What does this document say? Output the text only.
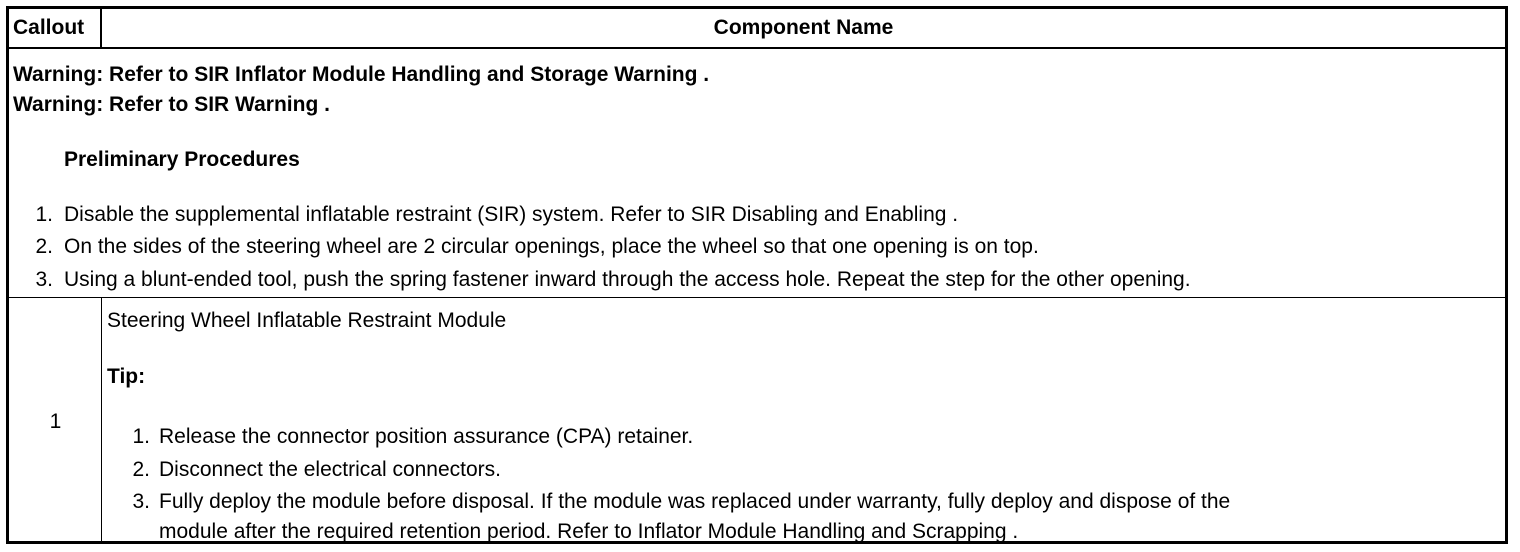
Callout	Component Name
Warning: Refer to SIR Inflator Module Handling and Storage Warning .
Warning: Refer to SIR Warning .
Preliminary Procedures
1. Disable the supplemental inflatable restraint (SIR) system. Refer to SIR Disabling and Enabling .
2. On the sides of the steering wheel are 2 circular openings, place the wheel so that one opening is on top.
3. Using a blunt-ended tool, push the spring fastener inward through the access hole. Repeat the step for the other opening.
1
Steering Wheel Inflatable Restraint Module
Tip:
1. Release the connector position assurance (CPA) retainer.
2. Disconnect the electrical connectors.
3. Fully deploy the module before disposal. If the module was replaced under warranty, fully deploy and dispose of the
module after the required retention period. Refer to Inflator Module Handling and Scrapping .
